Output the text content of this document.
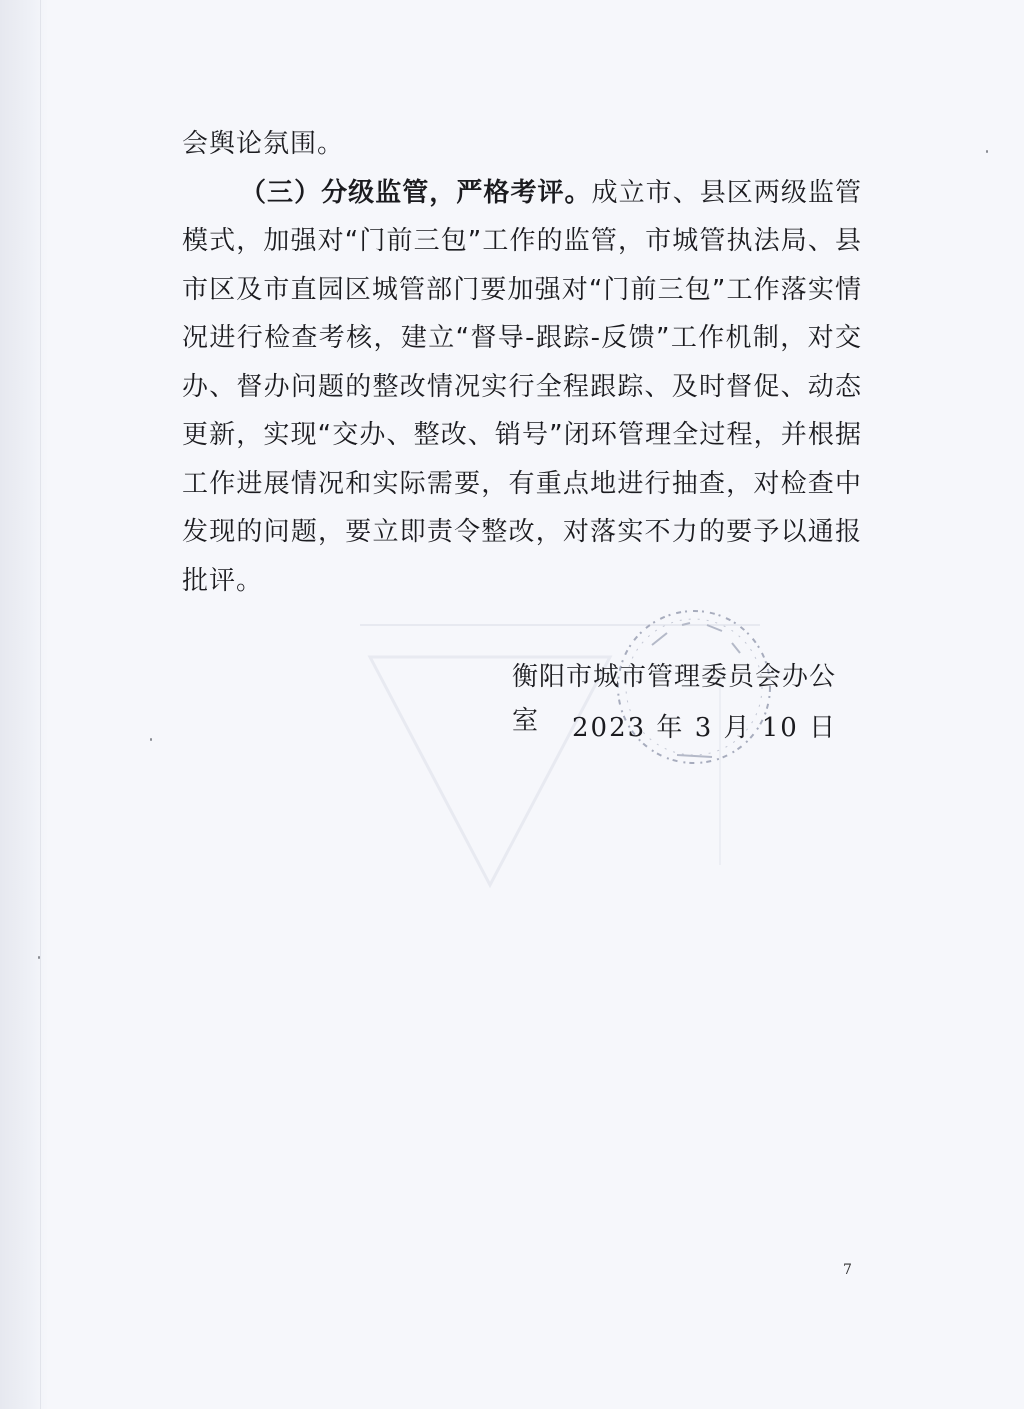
会舆论氛围。

（三）分级监管，严格考评。成立市、县区两级监管模式，加强对“门前三包”工作的监管，市城管执法局、县市区及市直园区城管部门要加强对“门前三包”工作落实情况进行检查考核，建立“督导-跟踪-反馈”工作机制，对交办、督办问题的整改情况实行全程跟踪、及时督促、动态更新，实现“交办、整改、销号”闭环管理全过程，并根据工作进展情况和实际需要，有重点地进行抽查，对检查中发现的问题，要立即责令整改，对落实不力的要予以通报批评。

衡阳市城市管理委员会办公室	2023 年 3 月 10 日
7
